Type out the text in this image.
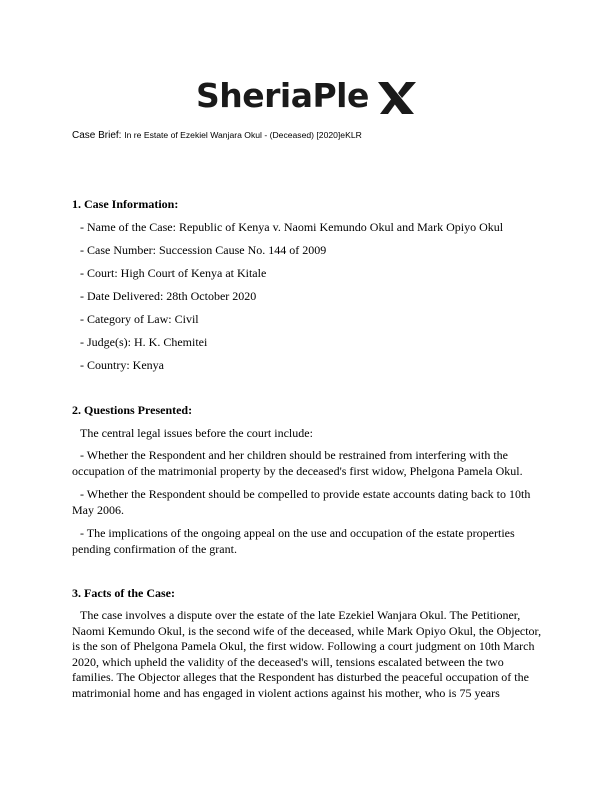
SheriaPle
Case Brief: In re Estate of Ezekiel Wanjara Okul - (Deceased) [2020]eKLR
1. Case Information:
- Name of the Case: Republic of Kenya v. Naomi Kemundo Okul and Mark Opiyo Okul
- Case Number: Succession Cause No. 144 of 2009
- Court: High Court of Kenya at Kitale
- Date Delivered: 28th October 2020
- Category of Law: Civil
- Judge(s): H. K. Chemitei
- Country: Kenya
2. Questions Presented:
The central legal issues before the court include:
- Whether the Respondent and her children should be restrained from interfering with the occupation of the matrimonial property by the deceased's first widow, Phelgona Pamela Okul.
- Whether the Respondent should be compelled to provide estate accounts dating back to 10th May 2006.
- The implications of the ongoing appeal on the use and occupation of the estate properties pending confirmation of the grant.
3. Facts of the Case:
The case involves a dispute over the estate of the late Ezekiel Wanjara Okul. The Petitioner, Naomi Kemundo Okul, is the second wife of the deceased, while Mark Opiyo Okul, the Objector, is the son of Phelgona Pamela Okul, the first widow. Following a court judgment on 10th March 2020, which upheld the validity of the deceased's will, tensions escalated between the two families. The Objector alleges that the Respondent has disturbed the peaceful occupation of the matrimonial home and has engaged in violent actions against his mother, who is 75 years
